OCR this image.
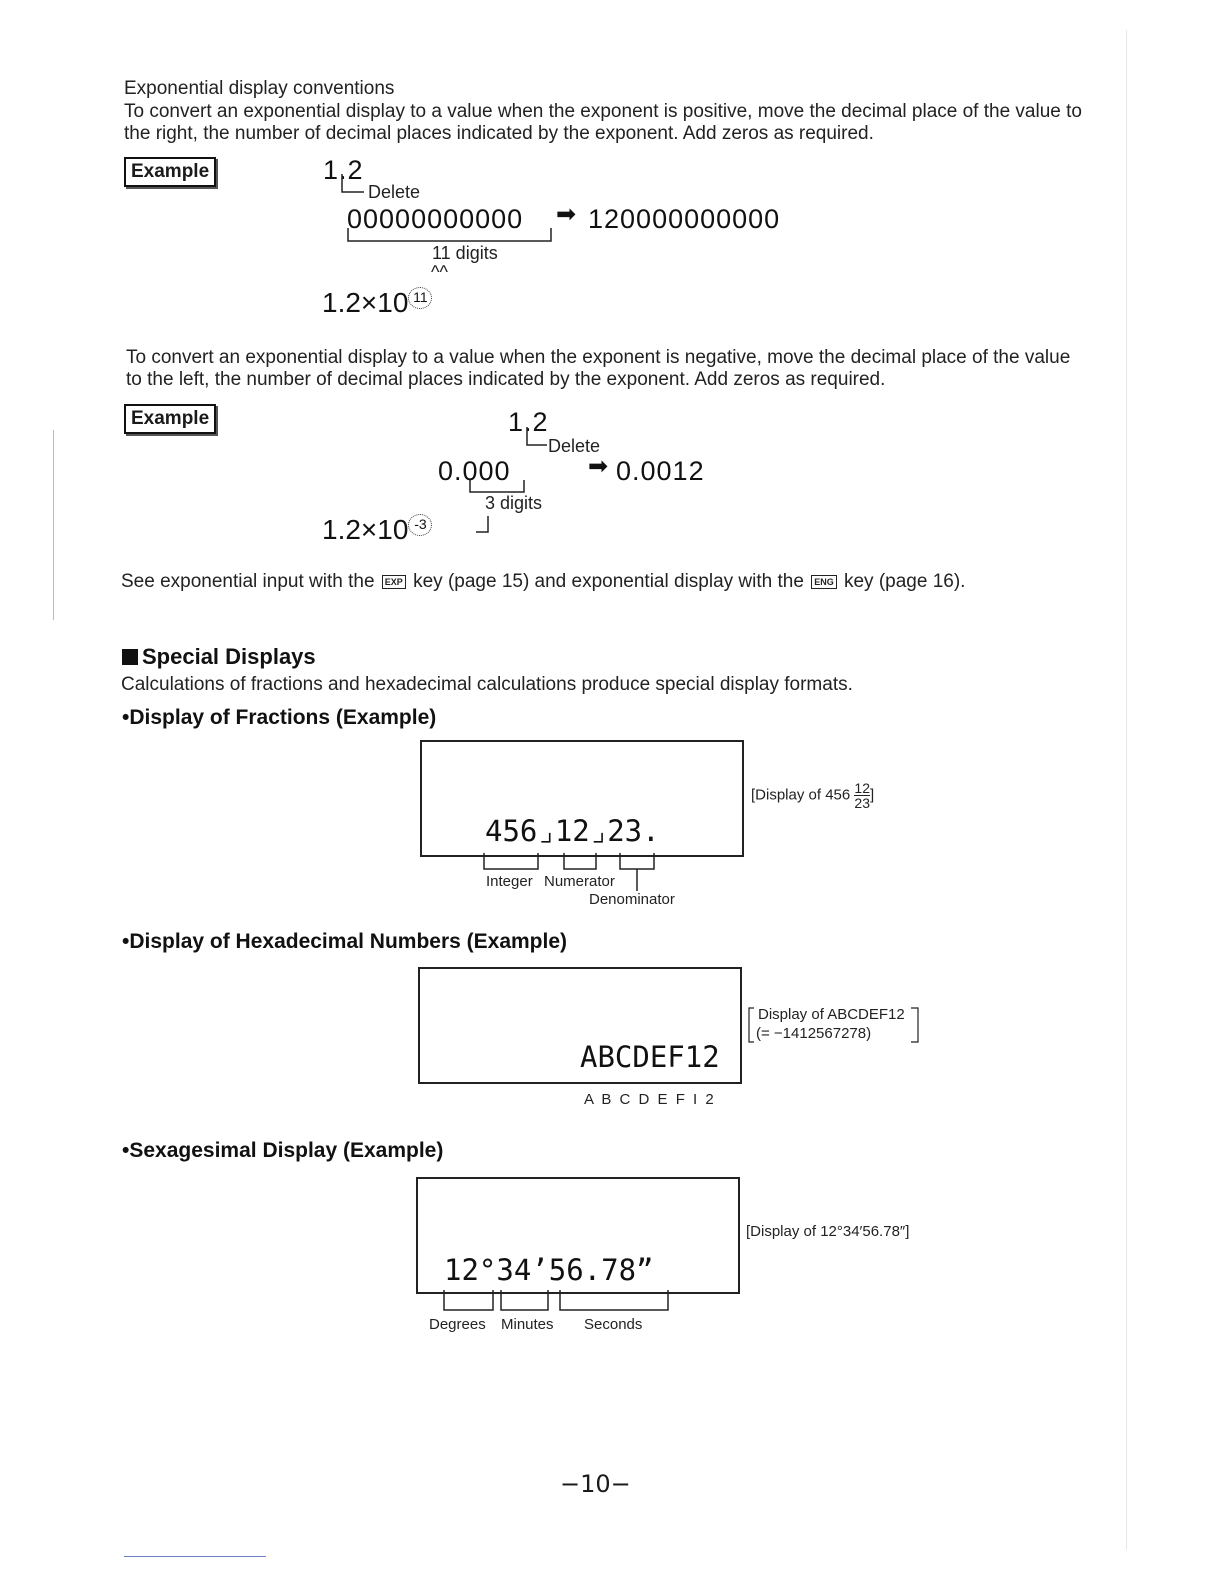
Exponential display conventions
To convert an exponential display to a value when the exponent is positive, move the decimal place of the value to the right, the number of decimal places indicated by the exponent. Add zeros as required.
Example	1.2
Delete
00000000000 ➡ 120000000000
11 digits
^^
1.2×10 11
To convert an exponential display to a value when the exponent is negative, move the decimal place of the value to the left, the number of decimal places indicated by the exponent. Add zeros as required.
Example	1.2
Delete
0.000	➡ 0.0012
3 digits
1.2×10 -3
See exponential input with the EXP key (page 15) and exponential display with the ENG key (page 16).
Special Displays
Calculations of fractions and hexadecimal calculations produce special display formats.
•Display of Fractions (Example)
456⌟12⌟23.
[Display of $456 \frac{12}{23}$ ]
Integer Numerator
Denominator
•Display of Hexadecimal Numbers (Example)
ABCDEF12
Display of ABCDEF12
(= −1412567278)
A B C D E F I 2
•Sexagesimal Display (Example)
12°34’56.78”
[Display of 12°34′56.78″]
Degrees Minutes Seconds
−10−
